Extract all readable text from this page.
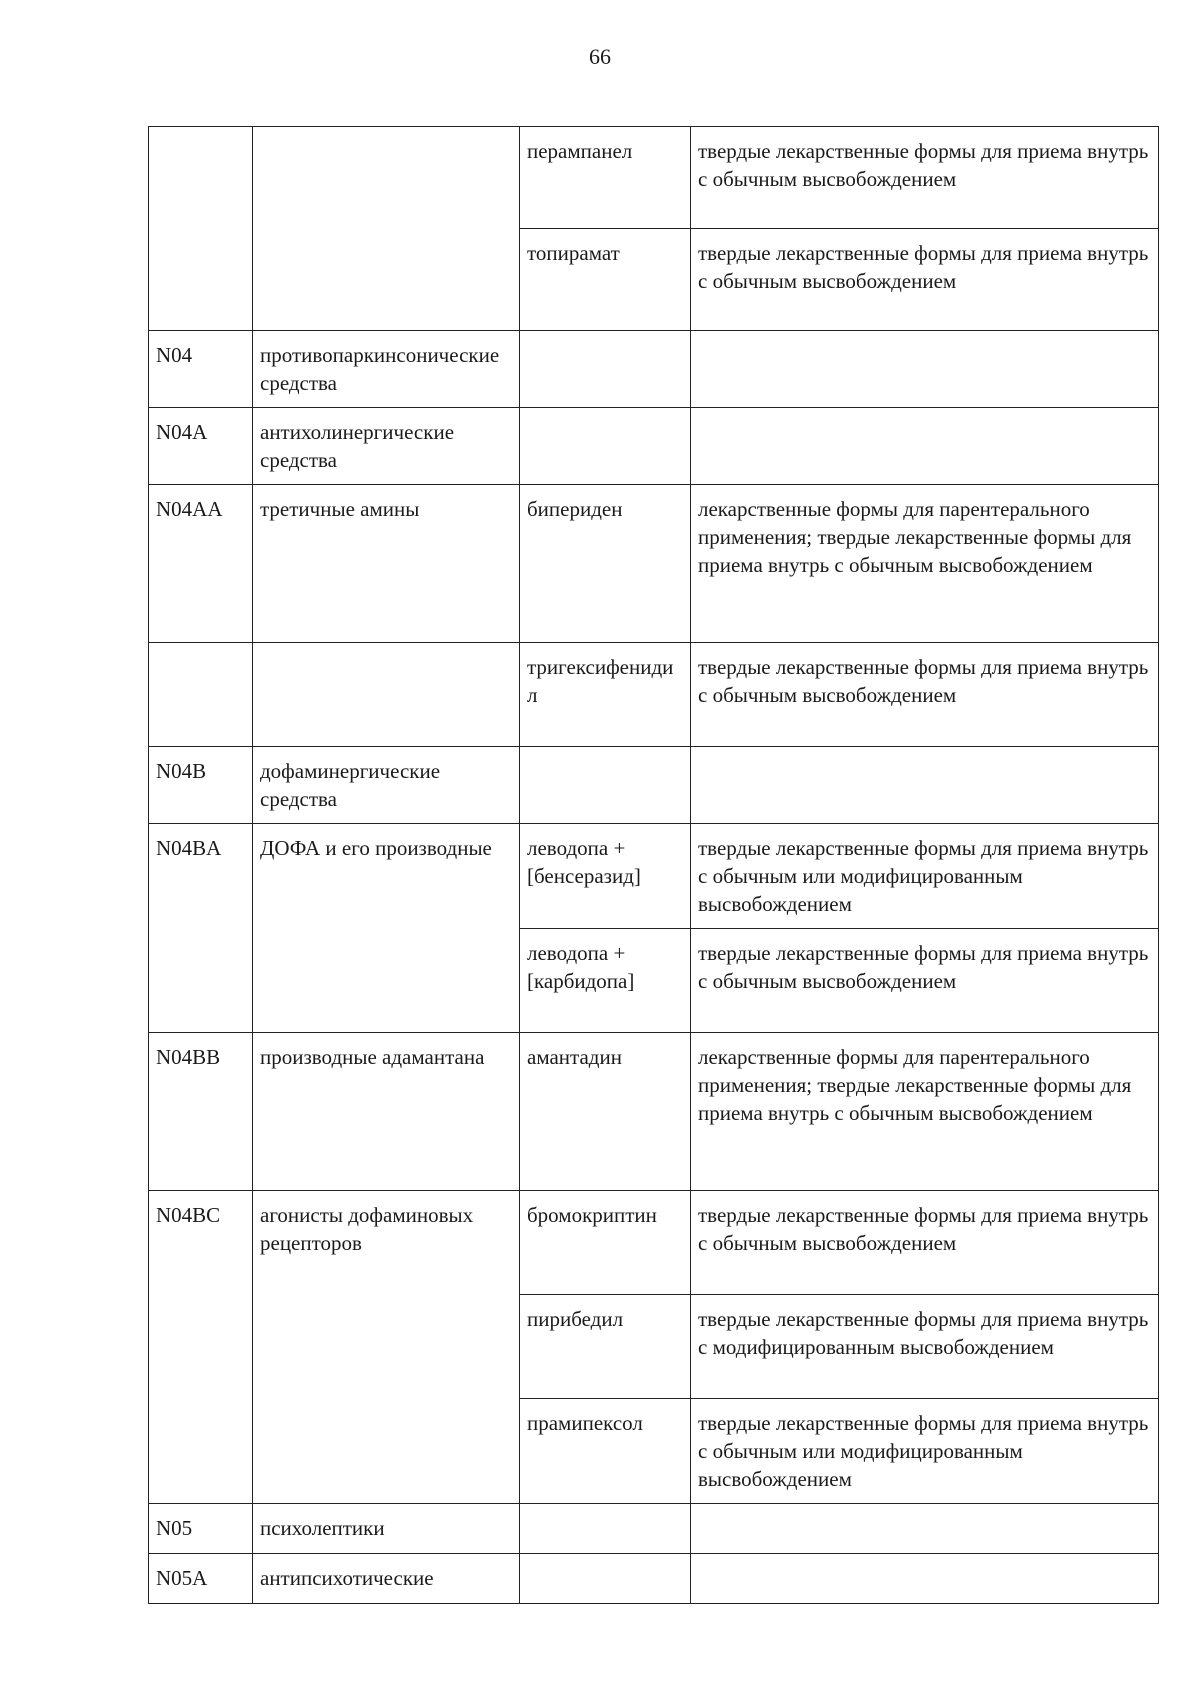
66
		перампанел	твердые лекарственные формы для приема внутрь с обычным высвобождением
		топирамат	твердые лекарственные формы для приема внутрь с обычным высвобождением
N04	противопаркинсонические средства		
N04A	антихолинергические средства		
N04AA	третичные амины	бипериден	лекарственные формы для парентерального применения; твердые лекарственные формы для приема внутрь с обычным высвобождением
		тригексифенидил	твердые лекарственные формы для приема внутрь с обычным высвобождением
N04B	дофаминергические средства		
N04BA	ДОФА и его производные	леводопа + [бенсеразид]	твердые лекарственные формы для приема внутрь с обычным или модифицированным высвобождением
		леводопа + [карбидопа]	твердые лекарственные формы для приема внутрь с обычным высвобождением
N04BB	производные адамантана	амантадин	лекарственные формы для парентерального применения; твердые лекарственные формы для приема внутрь с обычным высвобождением
N04BC	агонисты дофаминовых рецепторов	бромокриптин	твердые лекарственные формы для приема внутрь с обычным высвобождением
		пирибедил	твердые лекарственные формы для приема внутрь с модифицированным высвобождением
		прамипексол	твердые лекарственные формы для приема внутрь с обычным или модифицированным высвобождением
N05	психолептики		
N05A	антипсихотические		
